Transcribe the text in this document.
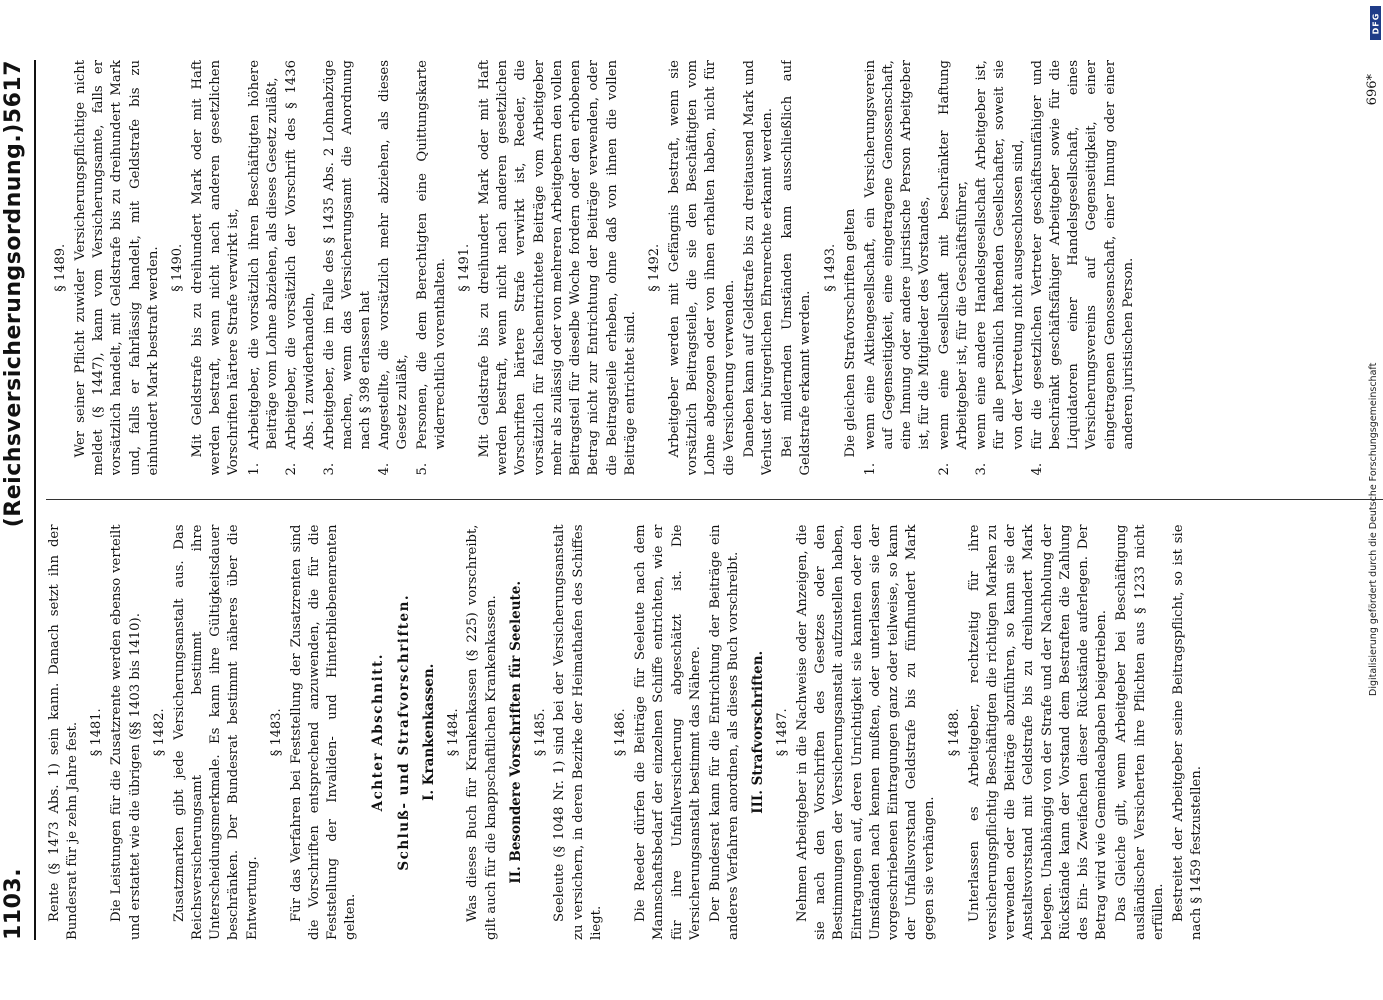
1103.
(Reichsversicherungsordnung.)
5617

Rente (§ 1473 Abs. 1) sein kann. Danach setzt ihn der Bundesrat für je zehn Jahre fest. § 1481. Die Leistungen für die Zusatzrente werden ebenso verteilt und erstattet wie die übrigen (§§ 1403 bis 1410). § 1482. Zusatzmarken gibt jede Versicherungsanstalt aus. Das Reichsversicherungsamt bestimmt ihre Unterscheidungsmerkmale. Es kann ihre Gültigkeitsdauer beschränken. Der Bundesrat bestimmt näheres über die Entwertung.

§ 1483. Für das Verfahren bei Feststellung der Zusatzrenten sind die Vorschriften entsprechend anzuwenden, die für die Feststellung der Invaliden- und Hinterbliebenenrenten gelten.

Achter Abschnitt. Schluß- und Strafvorschriften. I. Krankenkassen. § 1484. Was dieses Buch für Krankenkassen (§ 225) vorschreibt, gilt auch für die knappschaftlichen Krankenkassen. II. Besondere Vorschriften für Seeleute. § 1485. Seeleute (§ 1048 Nr. 1) sind bei der Versicherungsanstalt zu versichern, in deren Bezirke der Heimathafen des Schiffes liegt.

§ 1486. Die Reeder dürfen die Beiträge für Seeleute nach dem Mannschaftsbedarf der einzelnen Schiffe entrichten, wie er für ihre Unfallversicherung abgeschätzt ist. Die Versicherungsanstalt bestimmt das Nähere. Der Bundesrat kann für die Entrichtung der Beiträge ein anderes Verfahren anordnen, als dieses Buch vorschreibt. III. Strafvorschriften. § 1487. Nehmen Arbeitgeber in die Nachweise oder Anzeigen, die sie nach den Vorschriften des Gesetzes oder den Bestimmungen der Versicherungsanstalt aufzustellen haben, Eintragungen auf, deren Unrichtigkeit sie kannten oder den Umständen nach kennen mußten, oder unterlassen sie der vorgeschriebenen Eintragungen ganz oder teilweise, so kann der Unfallsvorstand Geldstrafe bis zu fünfhundert Mark gegen sie verhängen.

§ 1488. Unterlassen es Arbeitgeber, rechtzeitig für ihre versicherungspflichtig Beschäftigten die richtigen Marken zu verwenden oder die Beiträge abzuführen, so kann sie der Anstaltsvorstand mit Geldstrafe bis zu dreihundert Mark belegen. Unabhängig von der Strafe und der Nachholung der Rückstände kann der Vorstand dem Bestraften die Zahlung des Ein- bis Zweifachen dieser Rückstände auferlegen. Der Betrag wird wie Gemeindeabgaben beigetrieben. Das Gleiche gilt, wenn Arbeitgeber bei Beschäftigung ausländischer Versicherten ihre Pflichten aus § 1233 nicht erfüllen. Bestreitet der Arbeitgeber seine Beitragspflicht, so ist sie nach § 1459 festzustellen.

§ 1489. Wer seiner Pflicht zuwider Versicherungspflichtige nicht meldet (§ 1447), kann vom Versicherungsamte, falls er vorsätzlich handelt, mit Geldstrafe bis zu dreihundert Mark und, falls er fahrlässig handelt, mit Geldstrafe bis zu einhundert Mark bestraft werden. § 1490. Mit Geldstrafe bis zu dreihundert Mark oder mit Haft werden bestraft, wenn nicht nach anderen gesetzlichen Vorschriften härtere Strafe verwirkt ist, 1.
Arbeitgeber, die vorsätzlich ihren Beschäftigten höhere Beiträge vom Lohne abziehen, als dieses Gesetz zuläßt,
2.
Arbeitgeber, die vorsätzlich der Vorschrift des § 1436 Abs. 1 zuwiderhandeln,
3.
Arbeitgeber, die im Falle des § 1435 Abs. 2 Lohnabzüge machen, wenn das Versicherungsamt die Anordnung nach § 398 erlassen hat
4.
Angestellte, die vorsätzlich mehr abziehen, als dieses Gesetz zuläßt,
5.
Personen, die dem Berechtigten eine Quittungskarte widerrechtlich vorenthalten. § 1491. Mit Geldstrafe bis zu dreihundert Mark oder mit Haft werden bestraft, wenn nicht nach anderen gesetzlichen Vorschriften härtere Strafe verwirkt ist, Reeder, die vorsätzlich für falschentrichtete Beiträge vom Arbeitgeber mehr als zulässig oder von mehreren Arbeitgebern den vollen Beitragsteil für dieselbe Woche fordern oder den erhobenen Betrag nicht zur Entrichtung der Beiträge verwenden, oder die Beitragsteile erheben, ohne daß von ihnen die vollen Beiträge entrichtet sind.

§ 1492. Arbeitgeber werden mit Gefängnis bestraft, wenn sie vorsätzlich Beitragsteile, die sie den Beschäftigten vom Lohne abgezogen oder von ihnen erhalten haben, nicht für die Versicherung verwenden. Daneben kann auf Geldstrafe bis zu dreitausend Mark und Verlust der bürgerlichen Ehrenrechte erkannt werden. Bei mildernden Umständen kann ausschließlich auf Geldstrafe erkannt werden.

§ 1493. Die gleichen Strafvorschriften gelten

1.
wenn eine Aktiengesellschaft, ein Versicherungsverein auf Gegenseitigkeit, eine eingetragene Genossenschaft, eine Innung oder andere juristische Person Arbeitgeber ist, für die Mitglieder des Vorstandes,
2.
wenn eine Gesellschaft mit beschränkter Haftung Arbeitgeber ist, für die Geschäftsführer,
3.
wenn eine andere Handelsgesellschaft Arbeitgeber ist, für alle persönlich haftenden Gesellschafter, soweit sie von der Vertretung nicht ausgeschlossen sind,
4.
für die gesetzlichen Vertreter geschäftsunfähiger und beschränkt geschäftsfähiger Arbeitgeber sowie für die Liquidatoren einer Handelsgesellschaft, eines Versicherungsvereins auf Gegenseitigkeit, einer eingetragenen Genossenschaft, einer Innung oder einer anderen juristischen Person.
696*
DFG
Digitalisierung gefördert durch die Deutsche Forschungsgemeinschaft
